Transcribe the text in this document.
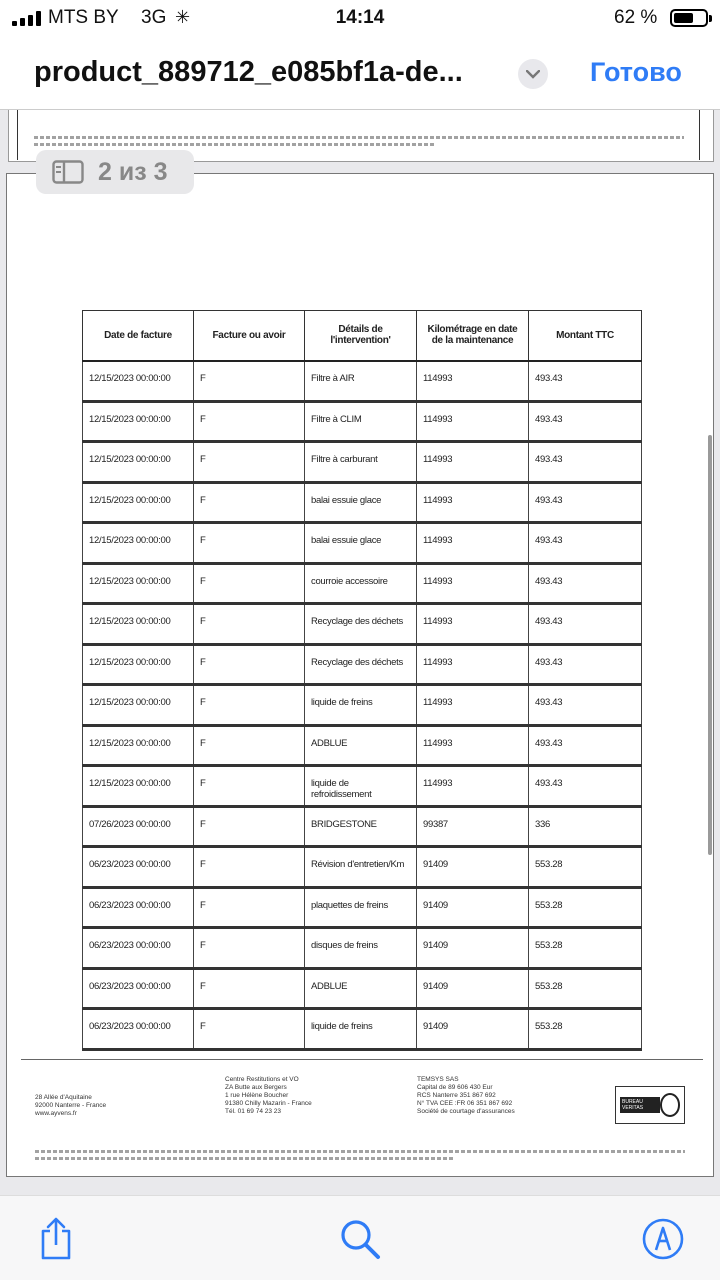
MTS BY 3G ✳	14:14	62 %
product_889712_e085bf1a-de...	Готово
2 из 3
Date de facture	Facture ou avoir	Détails de l'intervention'	Kilométrage en date de la maintenance	Montant TTC
12/15/2023 00:00:00	F	Filtre à AIR	114993	493.43
12/15/2023 00:00:00	F	Filtre à CLIM	114993	493.43
12/15/2023 00:00:00	F	Filtre à carburant	114993	493.43
12/15/2023 00:00:00	F	balai essuie glace	114993	493.43
12/15/2023 00:00:00	F	balai essuie glace	114993	493.43
12/15/2023 00:00:00	F	courroie accessoire	114993	493.43
12/15/2023 00:00:00	F	Recyclage des déchets	114993	493.43
12/15/2023 00:00:00	F	Recyclage des déchets	114993	493.43
12/15/2023 00:00:00	F	liquide de freins	114993	493.43
12/15/2023 00:00:00	F	ADBLUE	114993	493.43
12/15/2023 00:00:00	F	liquide de refroidissement	114993	493.43
07/26/2023 00:00:00	F	BRIDGESTONE	99387	336
06/23/2023 00:00:00	F	Révision d'entretien/Km	91409	553.28
06/23/2023 00:00:00	F	plaquettes de freins	91409	553.28
06/23/2023 00:00:00	F	disques de freins	91409	553.28
06/23/2023 00:00:00	F	ADBLUE	91409	553.28
06/23/2023 00:00:00	F	liquide de freins	91409	553.28
28 Allée d'Aquitaine
92000 Nanterre - France
www.ayvens.fr
Centre Restitutions et VO
ZA Butte aux Bergers
1 rue Hélène Boucher
91380 Chilly Mazarin - France
Tél. 01 69 74 23 23
TEMSYS SAS
Capital de 89 606 430 Eur
RCS Nanterre 351 867 692
N° TVA CEE :FR 06 351 867 692
Société de courtage d'assurances
BUREAU VERITAS
